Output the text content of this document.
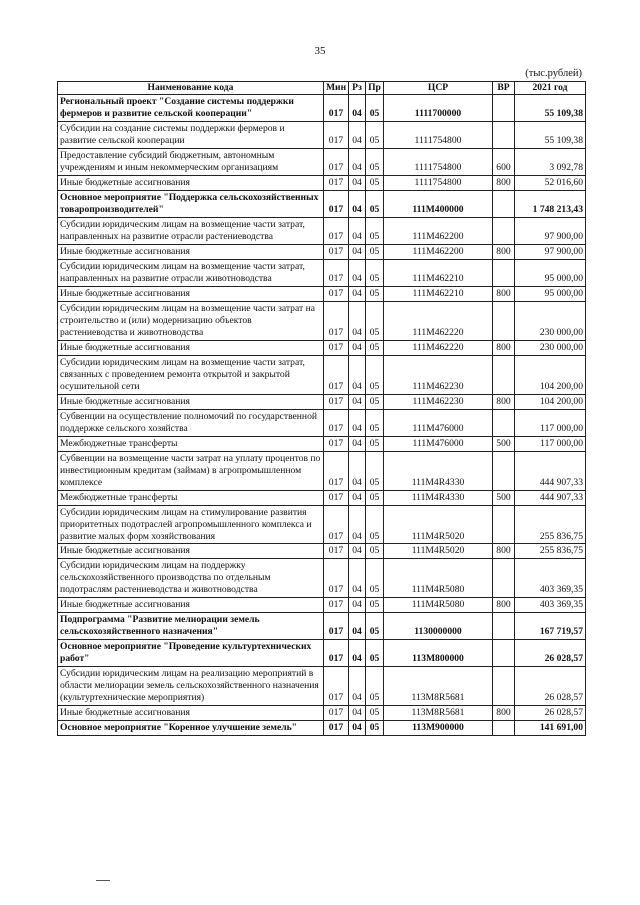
35
(тыс.рублей)
Наименование кода	Мин	Рз	Пр	ЦСР	ВР	2021 год
Региональный проект "Создание системы поддержки фермеров и развитие сельской кооперации"	017	04	05	1111700000		55 109,38
Субсидии на создание системы поддержки фермеров и развитие сельской кооперации	017	04	05	1111754800		55 109,38
Предоставление субсидий бюджетным, автономным учреждениям и иным некоммерческим организациям	017	04	05	1111754800	600	3 092,78
Иные бюджетные ассигнования	017	04	05	1111754800	800	52 016,60
Основное мероприятие "Поддержка сельскохозяйственных товаропроизводителей"	017	04	05	111M400000		1 748 213,43
Субсидии юридическим лицам на возмещение части затрат, направленных на развитие отрасли растениеводства	017	04	05	111M462200		97 900,00
Иные бюджетные ассигнования	017	04	05	111M462200	800	97 900,00
Субсидии юридическим лицам на возмещение части затрат, направленных на развитие отрасли животноводства	017	04	05	111M462210		95 000,00
Иные бюджетные ассигнования	017	04	05	111M462210	800	95 000,00
Субсидии юридическим лицам на возмещение части затрат на строительство и (или) модернизацию объектов растениеводства и животноводства	017	04	05	111M462220		230 000,00
Иные бюджетные ассигнования	017	04	05	111M462220	800	230 000,00
Субсидии юридическим лицам на возмещение части затрат, связанных с проведением ремонта открытой и закрытой осушительной сети	017	04	05	111M462230		104 200,00
Иные бюджетные ассигнования	017	04	05	111M462230	800	104 200,00
Субвенции на осуществление полномочий по государственной поддержке сельского хозяйства	017	04	05	111M476000		117 000,00
Межбюджетные трансферты	017	04	05	111M476000	500	117 000,00
Субвенции на возмещение части затрат на уплату процентов по инвестиционным кредитам (займам) в агропромышленном комплексе	017	04	05	111M4R4330		444 907,33
Межбюджетные трансферты	017	04	05	111M4R4330	500	444 907,33
Субсидии юридическим лицам на стимулирование развития приоритетных подотраслей агропромышленного комплекса и развитие малых форм хозяйствования	017	04	05	111M4R5020		255 836,75
Иные бюджетные ассигнования	017	04	05	111M4R5020	800	255 836,75
Субсидии юридическим лицам на поддержку сельскохозяйственного производства по отдельным подотраслям растениеводства и животноводства	017	04	05	111M4R5080		403 369,35
Иные бюджетные ассигнования	017	04	05	111M4R5080	800	403 369,35
Подпрограмма "Развитие мелиорации земель сельскохозяйственного назначения"	017	04	05	1130000000		167 719,57
Основное мероприятие "Проведение культуртехнических работ"	017	04	05	113M800000		26 028,57
Субсидии юридическим лицам на реализацию мероприятий в области мелиорации земель сельскохозяйственного назначения (культуртехнические мероприятия)	017	04	05	113M8R5681		26 028,57
Иные бюджетные ассигнования	017	04	05	113M8R5681	800	26 028,57
Основное мероприятие "Коренное улучшение земель"	017	04	05	113M900000		141 691,00
